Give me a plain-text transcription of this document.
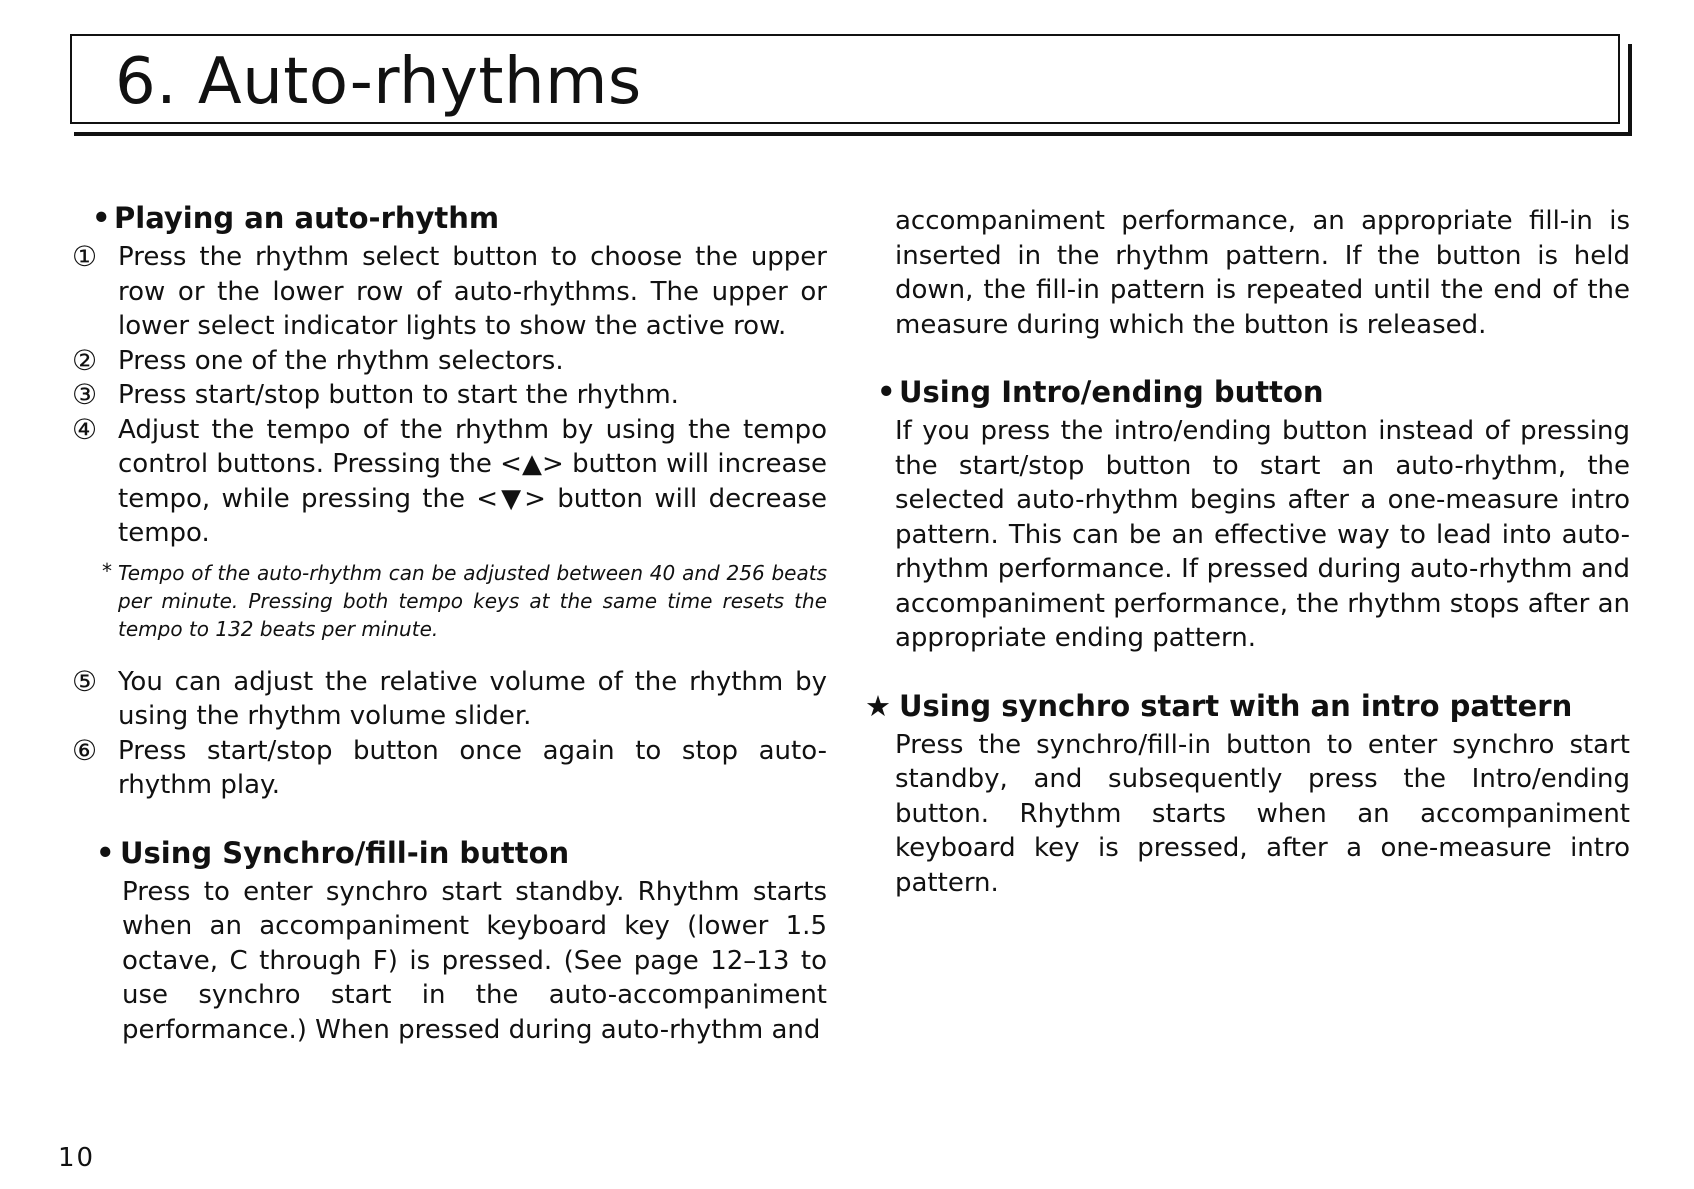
6. Auto-rhythms
• Playing an auto-rhythm

① Press the rhythm select button to choose the upper row or the lower row of auto-rhythms. The upper or lower select indicator lights to show the active row.

② Press one of the rhythm selectors.

③ Press start/stop button to start the rhythm.

④ Adjust the tempo of the rhythm by using the tempo control buttons. Pressing the <▲> button will increase tempo, while pressing the <▼> button will decrease tempo.

* Tempo of the auto-rhythm can be adjusted between 40 and 256 beats per minute. Pressing both tempo keys at the same time resets the tempo to 132 beats per minute.

⑤ You can adjust the relative volume of the rhythm by using the rhythm volume slider.

⑥ Press start/stop button once again to stop auto-rhythm play.

• Using Synchro/fill-in button

Press to enter synchro start standby. Rhythm starts when an accompaniment keyboard key (lower 1.5 octave, C through F) is pressed. (See page 12–13 to use synchro start in the auto-accompaniment performance.) When pressed during auto-rhythm and

accompaniment performance, an appropriate fill-in is inserted in the rhythm pattern. If the button is held down, the fill-in pattern is repeated until the end of the measure during which the button is released.

• Using Intro/ending button

If you press the intro/ending button instead of pressing the start/stop button to start an auto-rhythm, the selected auto-rhythm begins after a one-measure intro pattern. This can be an effective way to lead into auto-rhythm performance. If pressed during auto-rhythm and accompaniment performance, the rhythm stops after an appropriate ending pattern.

★ Using synchro start with an intro pattern

Press the synchro/fill-in button to enter synchro start standby, and subsequently press the Intro/ending button. Rhythm starts when an accompaniment keyboard key is pressed, after a one-measure intro pattern.

10
